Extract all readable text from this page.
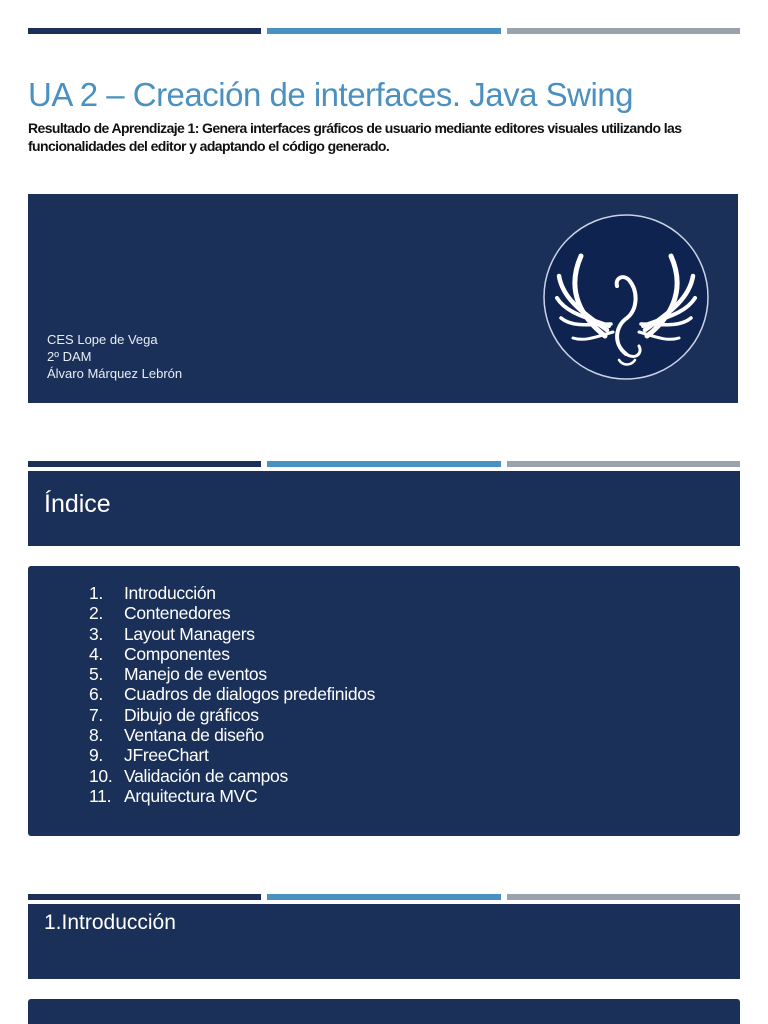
UA 2 – Creación de interfaces. Java Swing
Resultado de Aprendizaje 1: Genera interfaces gráficos de usuario mediante editores visuales utilizando las funcionalidades del editor y adaptando el código generado.
CES Lope de Vega
2º DAM
Álvaro Márquez Lebrón
Índice
1. Introducción
2. Contenedores
3. Layout Managers
4. Componentes
5. Manejo de eventos
6. Cuadros de dialogos predefinidos
7. Dibujo de gráficos
8. Ventana de diseño
9. JFreeChart
10. Validación de campos
11. Arquitectura MVC
1.Introducción
